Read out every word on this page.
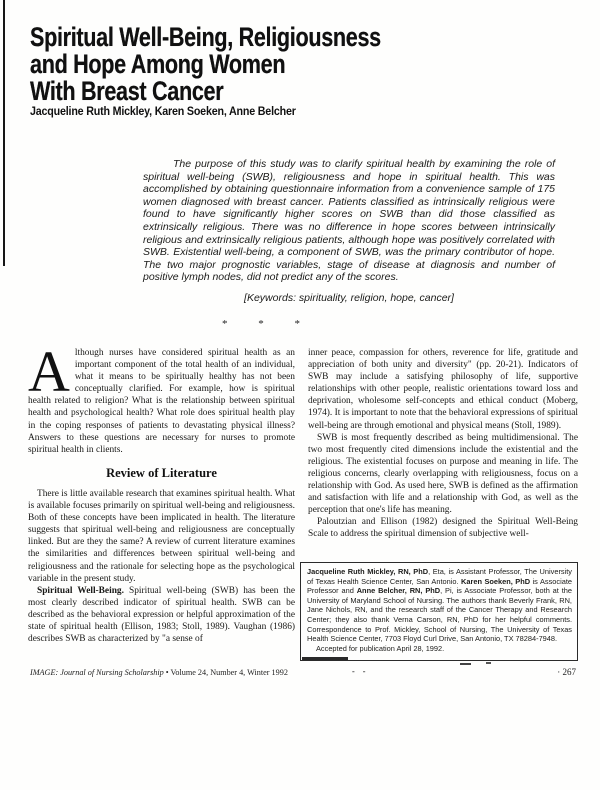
Spiritual Well-Being, Religiousness
and Hope Among Women
With Breast Cancer
Jacqueline Ruth Mickley, Karen Soeken, Anne Belcher

The purpose of this study was to clarify spiritual health by examining the role of spiritual well-being (SWB), religiousness and hope in spiritual health. This was accomplished by obtaining questionnaire information from a convenience sample of 175 women diagnosed with breast cancer. Patients classified as intrinsically religious were found to have significantly higher scores on SWB than did those classified as extrinsically religious. There was no difference in hope scores between intrinsically religious and extrinsically religious patients, although hope was positively correlated with SWB. Existential well-being, a component of SWB, was the primary contributor of hope. The two major prognostic variables, stage of disease at diagnosis and number of positive lymph nodes, did not predict any of the scores.

[Keywords: spirituality, religion, hope, cancer]

* * *

Although nurses have considered spiritual health as an important component of the total health of an individual, what it means to be spiritually healthy has not been conceptually clarified. For example, how is spiritual health related to religion? What is the relationship between spiritual health and psychological health? What role does spiritual health play in the coping responses of patients to devastating physical illness? Answers to these questions are necessary for nurses to promote spiritual health in clients.

Review of Literature

There is little available research that examines spiritual health. What is available focuses primarily on spiritual well-being and religiousness. Both of these concepts have been implicated in health. The literature suggests that spiritual well-being and religiousness are conceptually linked. But are they the same? A review of current literature examines the similarities and differences between spiritual well-being and religiousness and the rationale for selecting hope as the psychological variable in the present study.

Spiritual Well-Being. Spiritual well-being (SWB) has been the most clearly described indicator of spiritual health. SWB can be described as the behavioral expression or helpful approximation of the state of spiritual health (Ellison, 1983; Stoll, 1989). Vaughan (1986) describes SWB as characterized by "a sense of

inner peace, compassion for others, reverence for life, gratitude and appreciation of both unity and diversity" (pp. 20-21). Indicators of SWB may include a satisfying philosophy of life, supportive relationships with other people, realistic orientations toward loss and deprivation, wholesome self-concepts and ethical conduct (Moberg, 1974). It is important to note that the behavioral expressions of spiritual well-being are through emotional and physical means (Stoll, 1989).

SWB is most frequently described as being multidimensional. The two most frequently cited dimensions include the existential and the religious. The existential focuses on purpose and meaning in life. The religious concerns, clearly overlapping with religiousness, focus on a relationship with God. As used here, SWB is defined as the affirmation and satisfaction with life and a relationship with God, as well as the perception that one's life has meaning.

Paloutzian and Ellison (1982) designed the Spiritual Well-Being Scale to address the spiritual dimension of subjective well-

Jacqueline Ruth Mickley, RN, PhD, Eta, is Assistant Professor, The University of Texas Health Science Center, San Antonio. Karen Soeken, PhD is Associate Professor and Anne Belcher, RN, PhD, Pi, is Associate Professor, both at the University of Maryland School of Nursing. The authors thank Beverly Frank, RN, Jane Nichols, RN, and the research staff of the Cancer Therapy and Research Center; they also thank Verna Carson, RN, PhD for her helpful comments. Correspondence to Prof. Mickley, School of Nursing, The University of Texas Health Science Center, 7703 Floyd Curl Drive, San Antonio, TX 78284-7948.
Accepted for publication April 28, 1992.
IMAGE: Journal of Nursing Scholarship • Volume 24, Number 4, Winter 1992	- -	· 267
